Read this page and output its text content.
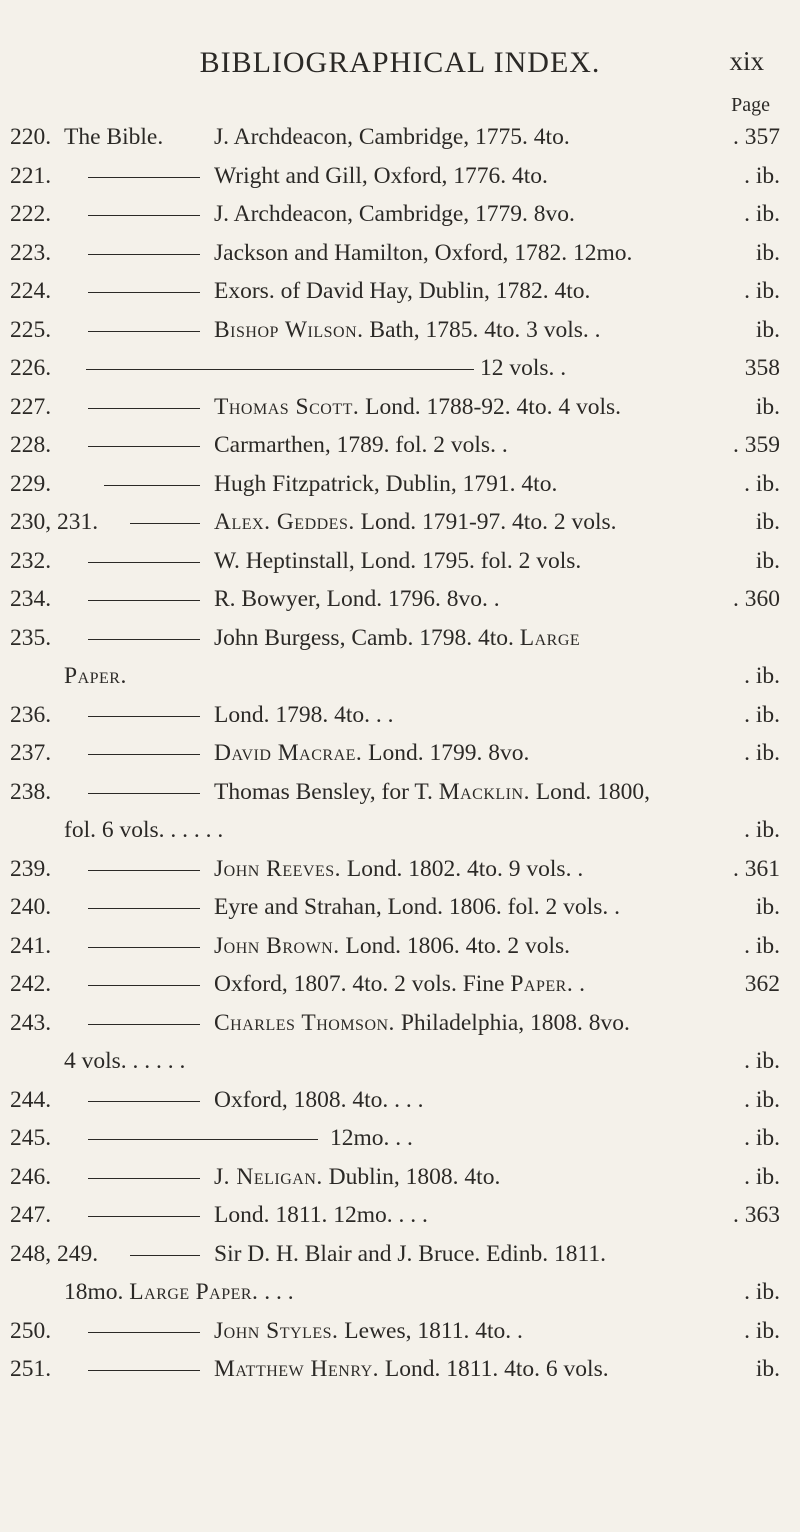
BIBLIOGRAPHICAL INDEX.	xix
Page
220. The Bible. J. Archdeacon, Cambridge, 1775. 4to.	. 357
221.	Wright and Gill, Oxford, 1776. 4to.	. ib.
222.	J. Archdeacon, Cambridge, 1779. 8vo.	. ib.
223.	Jackson and Hamilton, Oxford, 1782. 12mo.	ib.
224.	Exors. of David Hay, Dublin, 1782. 4to.	. ib.
225.	Bishop Wilson. Bath, 1785. 4to. 3 vols. .	ib.
226.	12 vols. .	358
227.	Thomas Scott. Lond. 1788-92. 4to. 4 vols.	ib.
228.	Carmarthen, 1789. fol. 2 vols. .	. 359
229.	Hugh Fitzpatrick, Dublin, 1791. 4to.	. ib.
230, 231.	Alex. Geddes. Lond. 1791-97. 4to. 2 vols.	ib.
232.	W. Heptinstall, Lond. 1795. fol. 2 vols.	ib.
234.	R. Bowyer, Lond. 1796. 8vo. .	. 360
235.	John Burgess, Camb. 1798. 4to. Large
Paper.	. ib.
236.	Lond. 1798. 4to. . .	. ib.
237.	David Macrae. Lond. 1799. 8vo.	. ib.
238.	Thomas Bensley, for T. Macklin. Lond. 1800,
fol. 6 vols. . . . . .	. ib.
239.	John Reeves. Lond. 1802. 4to. 9 vols. .	. 361
240.	Eyre and Strahan, Lond. 1806. fol. 2 vols. .	ib.
241.	John Brown. Lond. 1806. 4to. 2 vols.	. ib.
242.	Oxford, 1807. 4to. 2 vols. Fine Paper. .	362
243.	Charles Thomson. Philadelphia, 1808. 8vo.
4 vols. . . . . .	. ib.
244.	Oxford, 1808. 4to. . . .	. ib.
245.	12mo. . .	. ib.
246.	J. Neligan. Dublin, 1808. 4to.	. ib.
247.	Lond. 1811. 12mo. . . .	. 363
248, 249.	Sir D. H. Blair and J. Bruce. Edinb. 1811.
18mo. Large Paper. . . .	. ib.
250.	John Styles. Lewes, 1811. 4to. .	. ib.
251.	Matthew Henry. Lond. 1811. 4to. 6 vols.	ib.
